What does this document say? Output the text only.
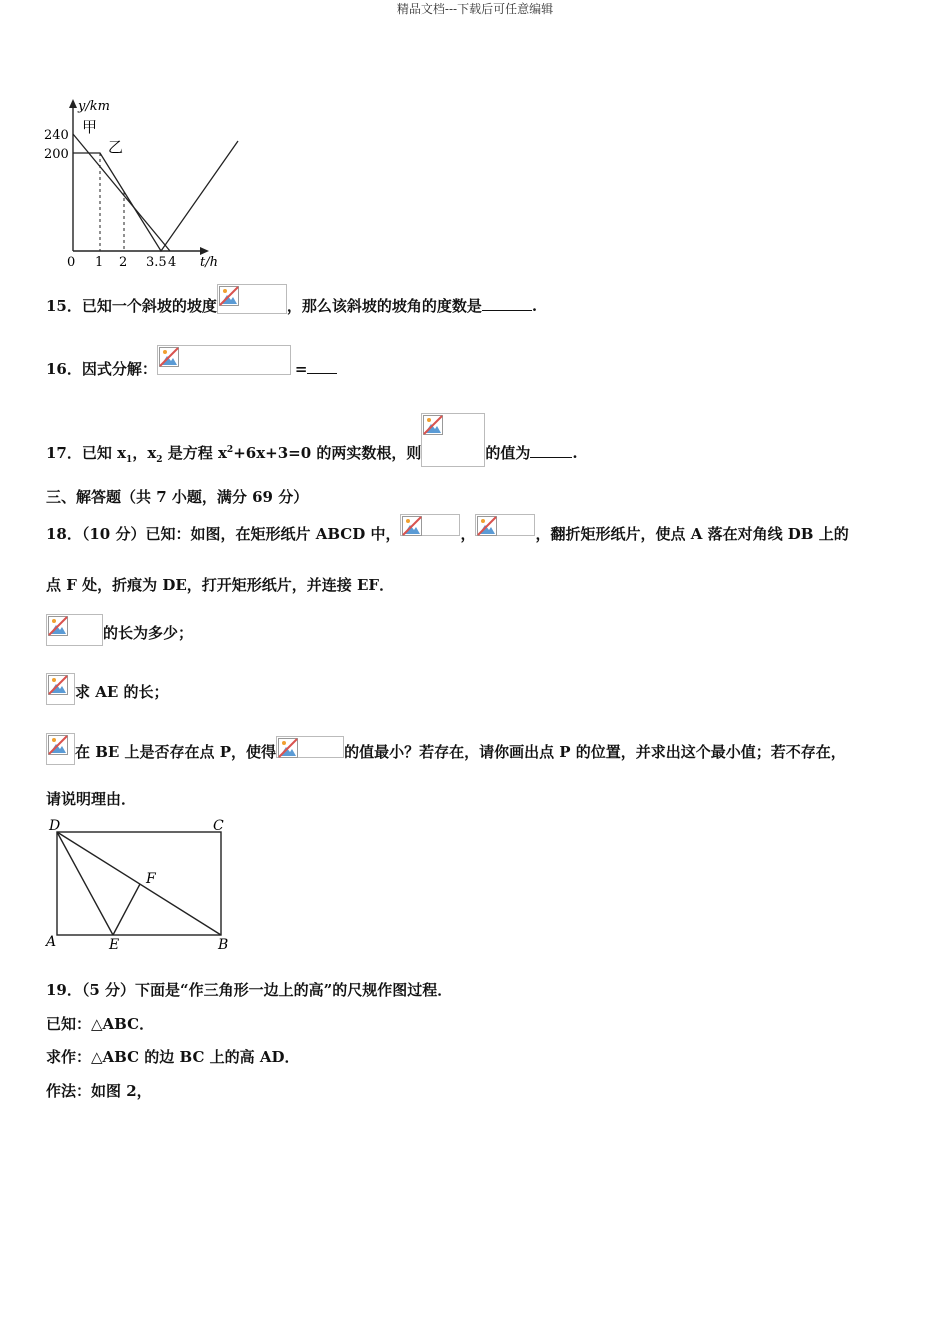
精品文档---下载后可任意编辑
y/km
240
200
甲
乙
0 1 2 3.5 4 t/h
15．已知一个斜坡的坡度	，那么该斜坡的坡角的度数是	.
16．因式分解：	=
17．已知 $x_1$，$x_2$ 是方程 $x^2+6x+3=0$ 的两实数根，则	的值为	.
三、解答题（共 7 小题，满分 69 分）
18．（10 分）已知：如图，在矩形纸片 ABCD 中，	，	，翻折矩形纸片，使点 A 落在对角线 DB 上的
点 F 处，折痕为 DE，打开矩形纸片，并连接 EF．
的长为多少；
求 AE 的长；
在 BE 上是否存在点 P，使得	的值最小？若存在，请你画出点 P 的位置，并求出这个最小值；若不存在，
请说明理由．
D	C
A	E	B
F
19．（5 分）下面是“作三角形一边上的高”的尺规作图过程．
已知：△ABC．
求作：△ABC 的边 BC 上的高 AD．
作法：如图 2，
